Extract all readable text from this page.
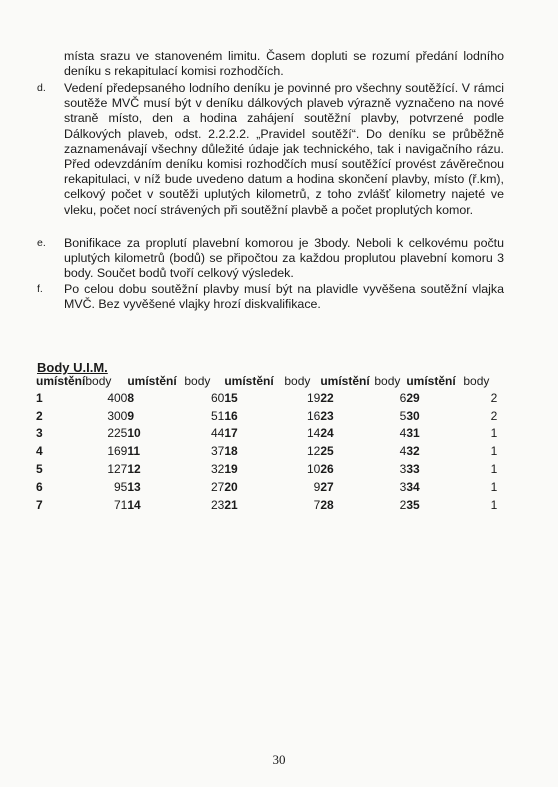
místa srazu ve stanoveném limitu. Časem dopluti se rozumí předání lodního deníku s rekapitulací komisi rozhodčích.

d. Vedení předepsaného lodního deníku je povinné pro všechny soutěžící. V rámci soutěže MVČ musí být v deníku dálkových plaveb výrazně vyznačeno na nové straně místo, den a hodina zahájení soutěžní plavby, potvrzené podle Dálkových plaveb, odst. 2.2.2.2. „Pravidel soutěží“. Do deníku se průběžně zaznamenávají všechny důležité údaje jak technického, tak i navigačního rázu. Před odevzdáním deníku komisi rozhodčích musí soutěžící provést závěrečnou rekapitulaci, v níž bude uvedeno datum a hodina skončení plavby, místo (ř.km), celkový počet v soutěži uplutých kilometrů, z toho zvlášť kilometry najeté ve vleku, počet nocí strávených při soutěžní plavbě a počet proplutých komor.

e. Bonifikace za proplutí plavební komorou je 3body. Neboli k celkovému počtu uplutých kilometrů (bodů) se připočtou za každou proplutou plavební komoru 3 body. Součet bodů tvoří celkový výsledek.

f. Po celou dobu soutěžní plavby musí být na plavidle vyvěšena soutěžní vlajka MVČ. Bez vyvěšené vlajky hrozí diskvalifikace.

Body U.I.M.
umístění	body	umístění	body	umístění	body	umístění	body	umístění	body
1	400	8	60	15	19	22	6	29	2
2	300	9	51	16	16	23	5	30	2
3	225	10	44	17	14	24	4	31	1
4	169	11	37	18	12	25	4	32	1
5	127	12	32	19	10	26	3	33	1
6	95	13	27	20	9	27	3	34	1
7	71	14	23	21	7	28	2	35	1
30
